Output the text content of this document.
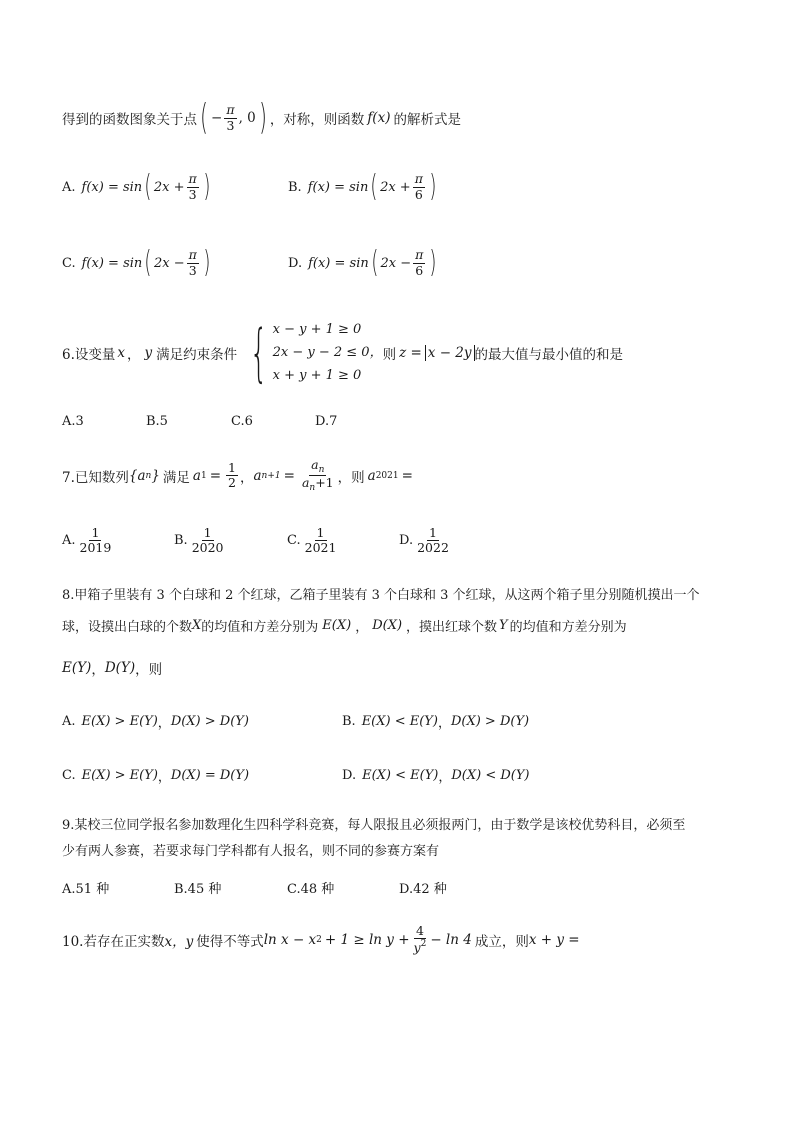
得到的函数图象关于点 ( − $\frac{\pi}{3}$ , 0 ) ，对称，则函数 f(x) 的解析式是
A. f(x) = sin ( $2x + \frac{\pi}{3}$ )	B. f(x) = sin ( $2x + \frac{\pi}{6}$ )
C. f(x) = sin ( $2x - \frac{\pi}{3}$ )	D. f(x) = sin ( $2x - \frac{\pi}{6}$ )
6.设变量 x ， y 满足约束条件 { x − y + 1 ≥ 0
2x − y − 2 ≤ 0，
x + y + 1 ≥ 0
则 z = x − 2y 的最大值与最小值的和是
A.3	B.5	C.6	D.7
7.已知数列 {a n } 满足 a $1 = \frac{1}{2}$ ， a $n+1 = \frac{a_n}{a_n+1}$ ，则 a 2021 =
A. $\frac{1}{2019}$	B. $\frac{1}{2020}$	C. $\frac{1}{2021}$	D. $\frac{1}{2022}$
8.甲箱子里装有 3 个白球和 2 个红球，乙箱子里装有 3 个白球和 3 个红球，从这两个箱子里分别随机摸出一个
球，设摸出白球的个数 X 的均值和方差分别为 E(X) ， D(X) ，摸出红球个数 Y 的均值和方差分别为
E(Y) ， D(Y) ，则
A. E(X) > E(Y) ， D(X) > D(Y)	B. E(X) < E(Y) ， D(X) > D(Y)
C. E(X) > E(Y) ， D(X) = D(Y)	D. E(X) < E(Y) ， D(X) < D(Y)
9.某校三位同学报名参加数理化生四科学科竞赛，每人限报且必须报两门，由于数学是该校优势科目，必须至
少有两人参赛，若要求每门学科都有人报名，则不同的参赛方案有
A.51 种	B.45 种	C.48 种	D.42 种
10.若存在正实数 x，y 使得不等式 ln x − x $2 + 1 \ge \ln y + \frac{4}{y^2} - \ln 4$ 成立，则 x + y =
